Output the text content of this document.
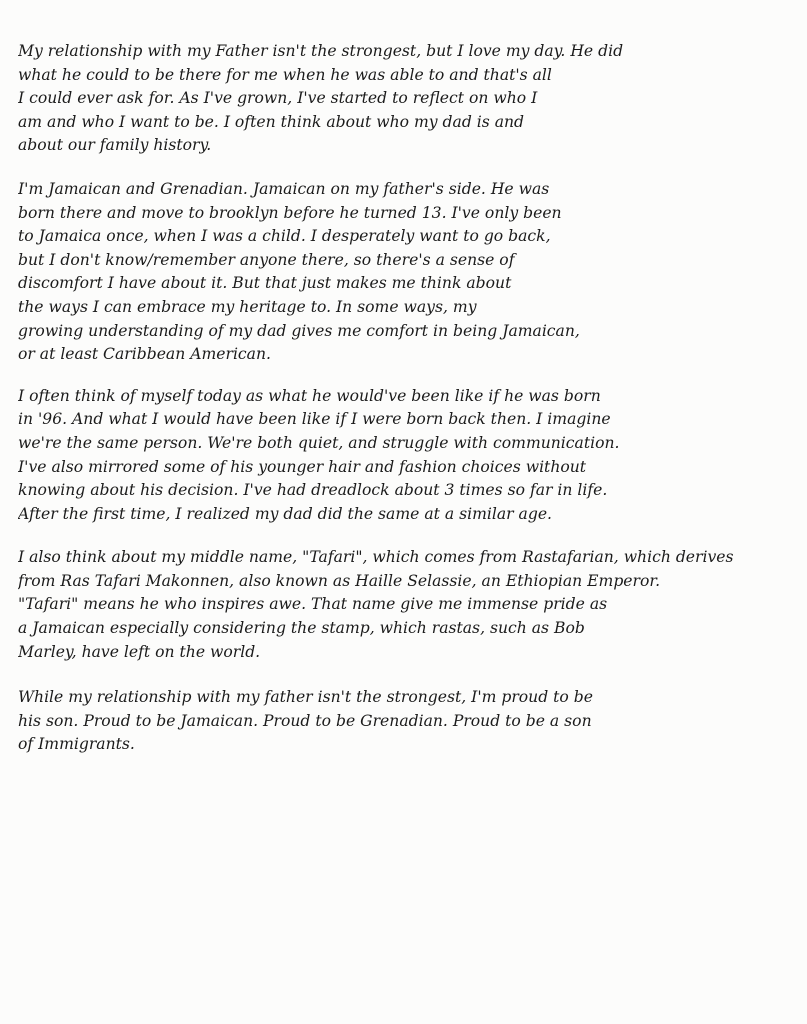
My relationship with my Father isn't the strongest, but I love my day. He did
what he could to be there for me when he was able to and that's all
I could ever ask for. As I've grown, I've started to reflect on who I
am and who I want to be. I often think about who my dad is and
about our family history.
I'm Jamaican and Grenadian. Jamaican on my father's side. He was
born there and move to brooklyn before he turned 13. I've only been
to Jamaica once, when I was a child. I desperately want to go back,
but I don't know/remember anyone there, so there's a sense of
discomfort I have about it. But that just makes me think about
the ways I can embrace my heritage to. In some ways, my
growing understanding of my dad gives me comfort in being Jamaican,
or at least Caribbean American.
I often think of myself today as what he would've been like if he was born
in '96. And what I would have been like if I were born back then. I imagine
we're the same person. We're both quiet, and struggle with communication.
I've also mirrored some of his younger hair and fashion choices without
knowing about his decision. I've had dreadlock about 3 times so far in life.
After the first time, I realized my dad did the same at a similar age.
I also think about my middle name, "Tafari", which comes from Rastafarian, which derives
from Ras Tafari Makonnen, also known as Haille Selassie, an Ethiopian Emperor.
"Tafari" means he who inspires awe. That name give me immense pride as
a Jamaican especially considering the stamp, which rastas, such as Bob
Marley, have left on the world.
While my relationship with my father isn't the strongest, I'm proud to be
his son. Proud to be Jamaican. Proud to be Grenadian. Proud to be a son
of Immigrants.
